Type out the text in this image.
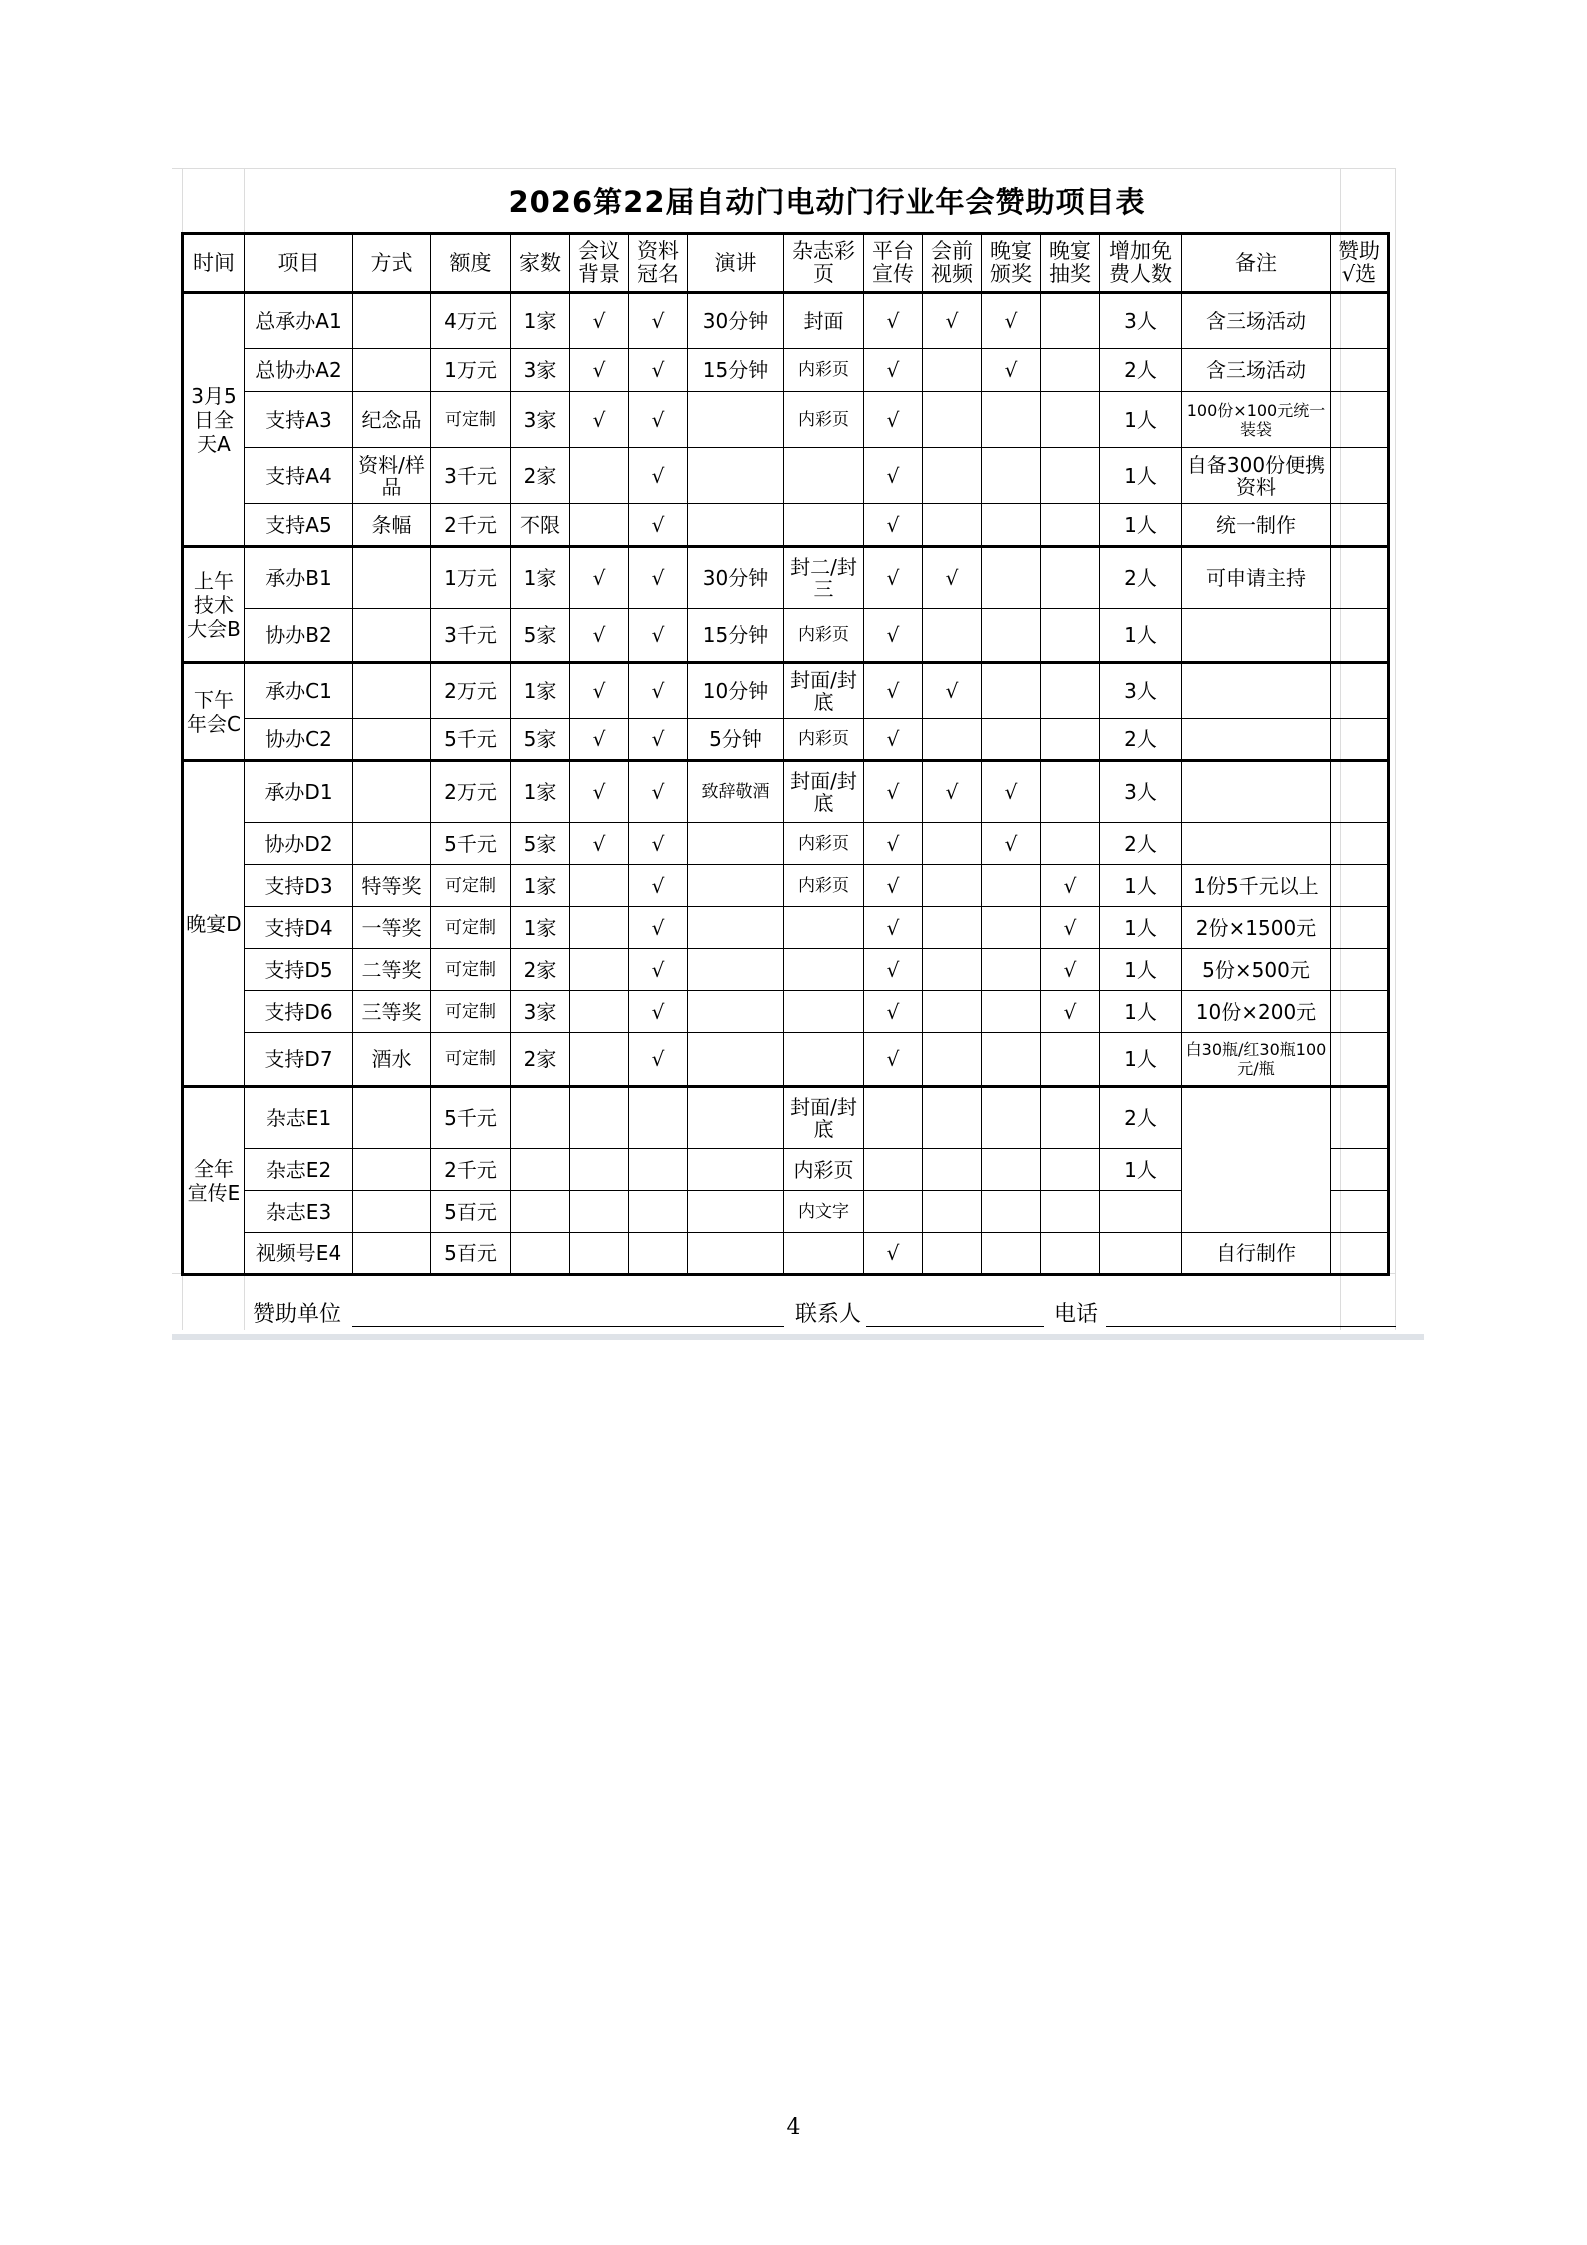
2026第22届自动门电动门行业年会赞助项目表
时间	项目	方式	额度	家数	会议背景	资料冠名	演讲	杂志彩页	平台宣传	会前视频	晚宴颁奖	晚宴抽奖	增加免费人数	备注	赞助√选
3月5日全天A	总承办A1		4万元	1家	√	√	30分钟	封面	√	√	√		3人	含三场活动	
	总协办A2		1万元	3家	√	√	15分钟	内彩页	√		√		2人	含三场活动	
	支持A3	纪念品	可定制	3家	√	√		内彩页	√				1人	100份×100元统一装袋	
	支持A4	资料/样品	3千元	2家		√			√				1人	自备300份便携资料	
	支持A5	条幅	2千元	不限		√			√				1人	统一制作	
上午技术大会B	承办B1		1万元	1家	√	√	30分钟	封二/封三	√	√			2人	可申请主持	
	协办B2		3千元	5家	√	√	15分钟	内彩页	√				1人		
下午年会C	承办C1		2万元	1家	√	√	10分钟	封面/封底	√	√			3人		
	协办C2		5千元	5家	√	√	5分钟	内彩页	√				2人		
晚宴D	承办D1		2万元	1家	√	√	致辞敬酒	封面/封底	√	√	√		3人		
	协办D2		5千元	5家	√	√		内彩页	√		√		2人		
	支持D3	特等奖	可定制	1家		√		内彩页	√			√	1人	1份5千元以上	
	支持D4	一等奖	可定制	1家		√			√			√	1人	2份×1500元	
	支持D5	二等奖	可定制	2家		√			√			√	1人	5份×500元	
	支持D6	三等奖	可定制	3家		√			√			√	1人	10份×200元	
	支持D7	酒水	可定制	2家		√			√				1人	白30瓶/红30瓶100元/瓶	
全年宣传E	杂志E1		5千元					封面/封底					2人		
	杂志E2		2千元					内彩页					1人		
	杂志E3		5百元					内文字							
	视频号E4		5百元						√					自行制作	
赞助单位	联系人	电话
4
